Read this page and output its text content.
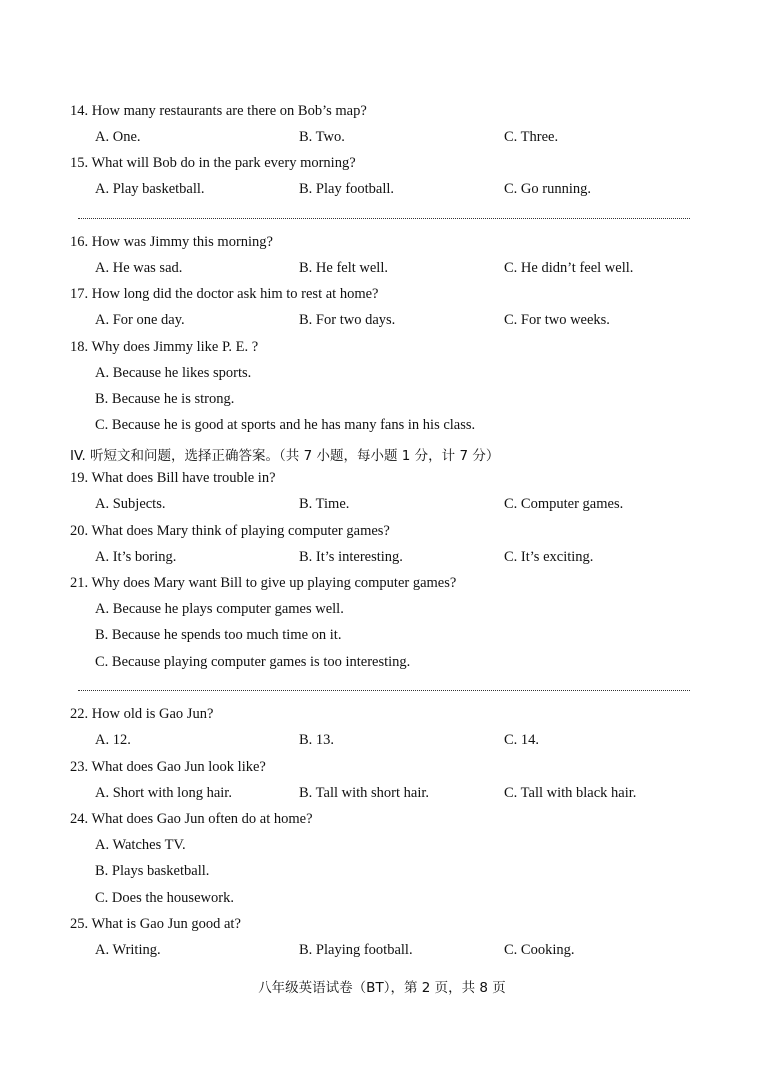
14. How many restaurants are there on Bob’s map?
A. One.	B. Two.	C. Three.
15. What will Bob do in the park every morning?
A. Play basketball.	B. Play football.	C. Go running.
16. How was Jimmy this morning?
A. He was sad.	B. He felt well.	C. He didn’t feel well.
17. How long did the doctor ask him to rest at home?
A. For one day.	B. For two days.	C. For two weeks.
18. Why does Jimmy like P. E. ?
A. Because he likes sports.
B. Because he is strong.
C. Because he is good at sports and he has many fans in his class.
IV. 听短文和问题，选择正确答案。（共 7 小题，每小题 1 分，计 7 分）
19. What does Bill have trouble in?
A. Subjects.	B. Time.	C. Computer games.
20. What does Mary think of playing computer games?
A. It’s boring.	B. It’s interesting.	C. It’s exciting.
21. Why does Mary want Bill to give up playing computer games?
A. Because he plays computer games well.
B. Because he spends too much time on it.
C. Because playing computer games is too interesting.
22. How old is Gao Jun?
A. 12.	B. 13.	C. 14.
23. What does Gao Jun look like?
A. Short with long hair.	B. Tall with short hair.	C. Tall with black hair.
24. What does Gao Jun often do at home?
A. Watches TV.
B. Plays basketball.
C. Does the housework.
25. What is Gao Jun good at?
A. Writing.	B. Playing football.	C. Cooking.
八年级英语试卷（BT），第 2 页，共 8 页
